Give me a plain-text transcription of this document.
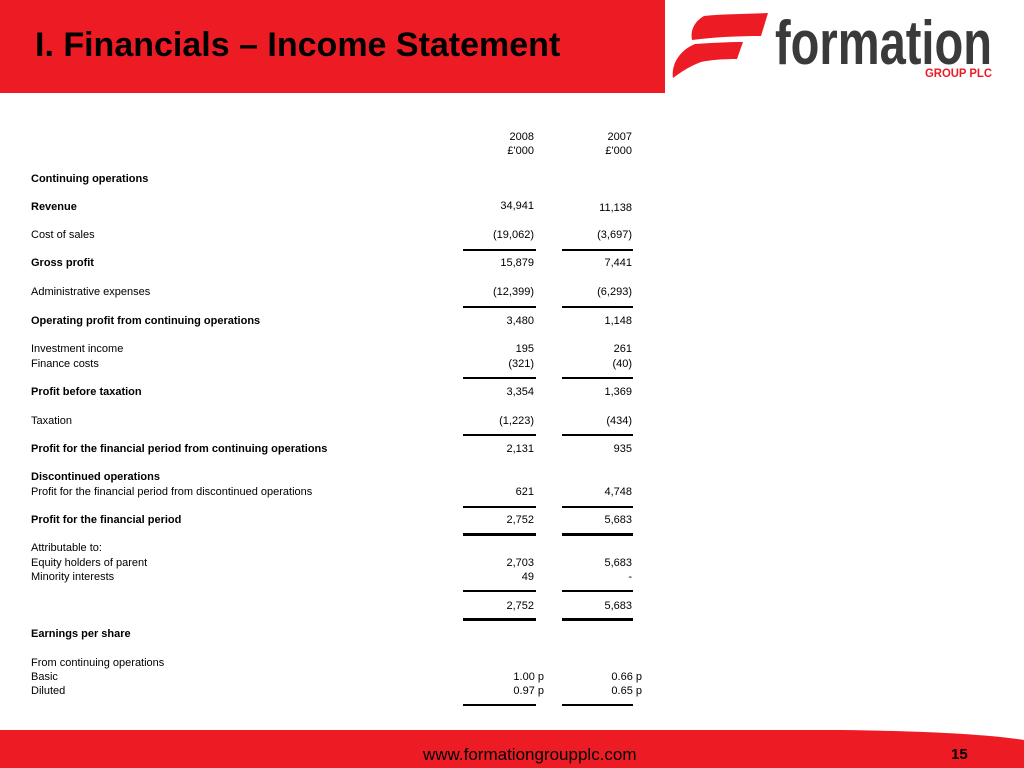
I. Financials – Income Statement	formation
GROUP PLC
2008	2007
£'000	£'000
Continuing operations
Revenue	34,941	11,138
Cost of sales	(19,062)	(3,697)
Gross profit	15,879	7,441
Administrative expenses	(12,399)	(6,293)
Operating profit from continuing operations	3,480	1,148
Investment income	195	261
Finance costs	(321)	(40)
Profit before taxation	3,354	1,369
Taxation	(1,223)	(434)
Profit for the financial period from continuing operations	2,131	935
Discontinued operations
Profit for the financial period from discontinued operations	621	4,748
Profit for the financial period	2,752	5,683
Attributable to:
Equity holders of parent	2,703	5,683
Minority interests	49	-
2,752	5,683
Earnings per share
From continuing operations
Basic	1.00 p	0.66 p
Diluted	0.97 p	0.65 p
www.formationgroupplc.com	15
